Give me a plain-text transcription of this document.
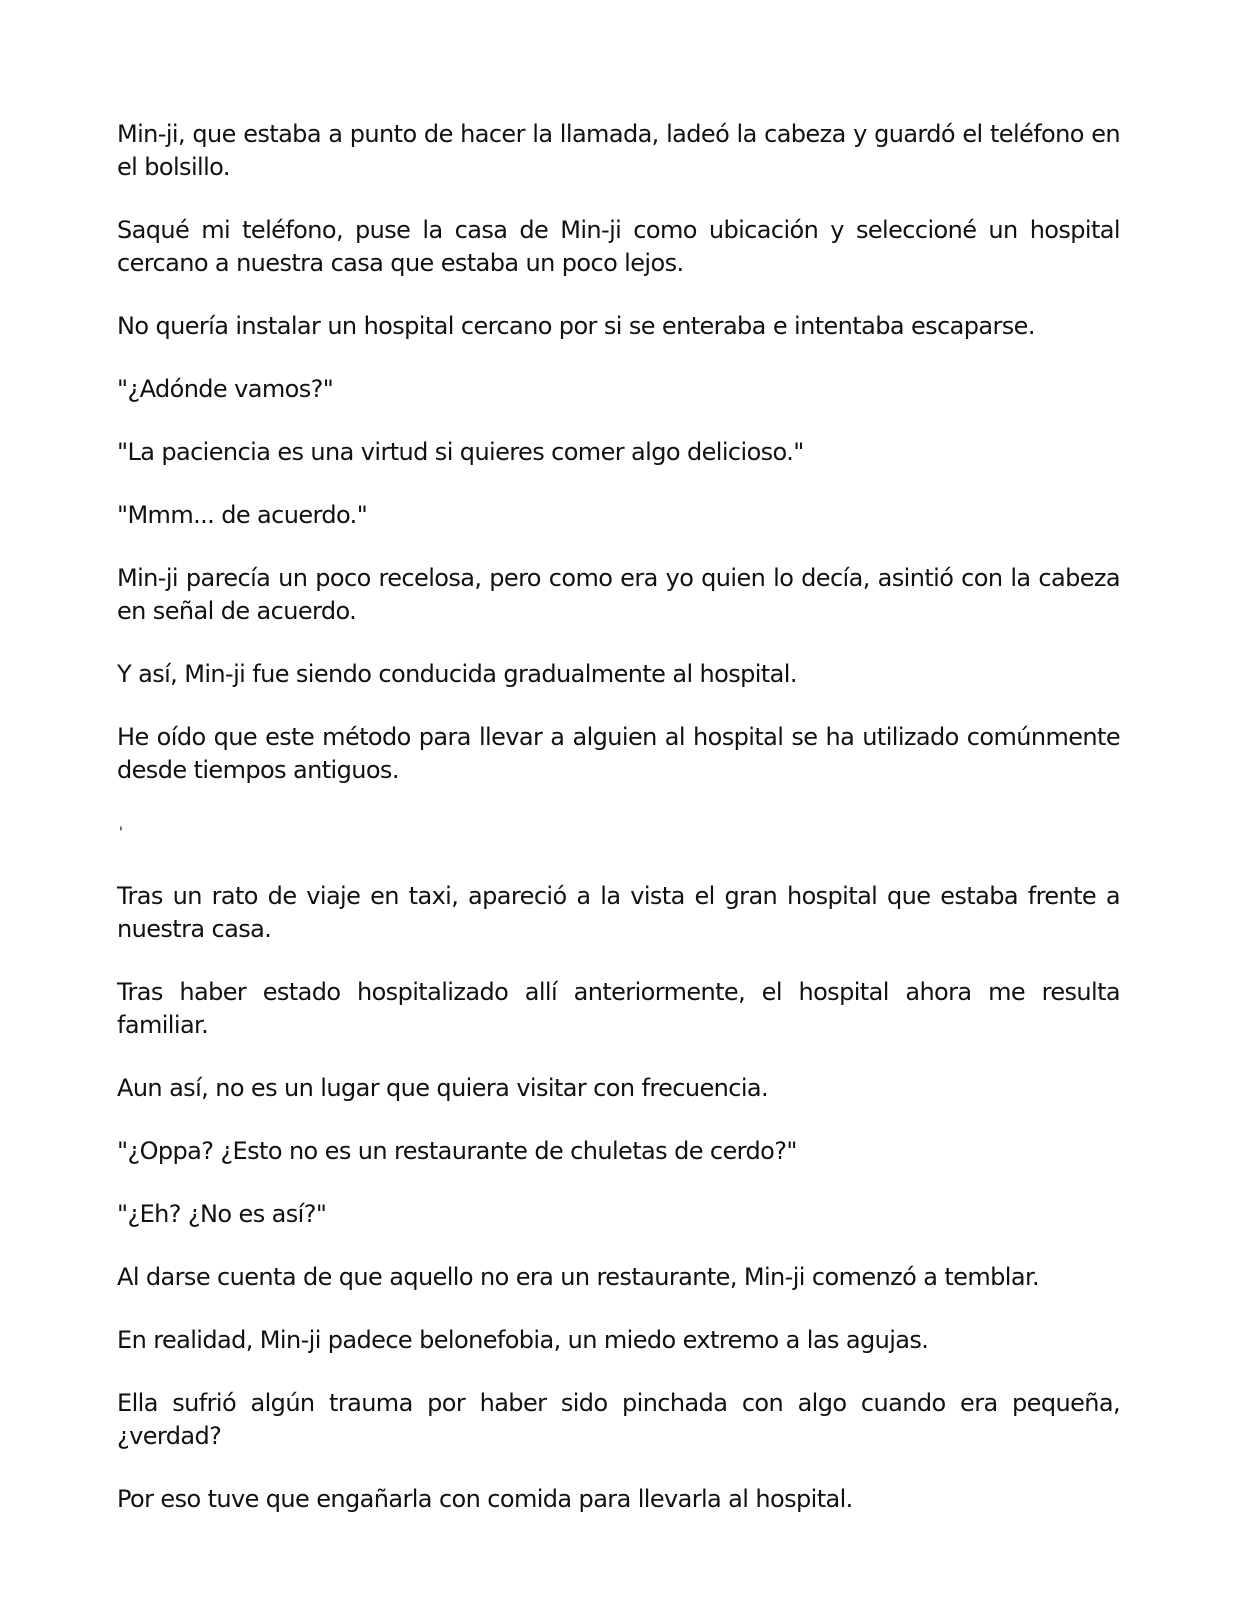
Min-ji, que estaba a punto de hacer la llamada, ladeó la cabeza y guardó el teléfono en el bolsillo.

Saqué mi teléfono, puse la casa de Min-ji como ubicación y seleccioné un hospital cercano a nuestra casa que estaba un poco lejos.

No quería instalar un hospital cercano por si se enteraba e intentaba escaparse.

"¿Adónde vamos?"

"La paciencia es una virtud si quieres comer algo delicioso."

"Mmm... de acuerdo."

Min-ji parecía un poco recelosa, pero como era yo quien lo decía, asintió con la cabeza en señal de acuerdo.

Y así, Min-ji fue siendo conducida gradualmente al hospital.

He oído que este método para llevar a alguien al hospital se ha utilizado comúnmente desde tiempos antiguos.

'

Tras un rato de viaje en taxi, apareció a la vista el gran hospital que estaba frente a nuestra casa.

Tras haber estado hospitalizado allí anteriormente, el hospital ahora me resulta familiar.

Aun así, no es un lugar que quiera visitar con frecuencia.

"¿Oppa? ¿Esto no es un restaurante de chuletas de cerdo?"

"¿Eh? ¿No es así?"

Al darse cuenta de que aquello no era un restaurante, Min-ji comenzó a temblar.

En realidad, Min-ji padece belonefobia, un miedo extremo a las agujas.

Ella sufrió algún trauma por haber sido pinchada con algo cuando era pequeña, ¿verdad?

Por eso tuve que engañarla con comida para llevarla al hospital.
